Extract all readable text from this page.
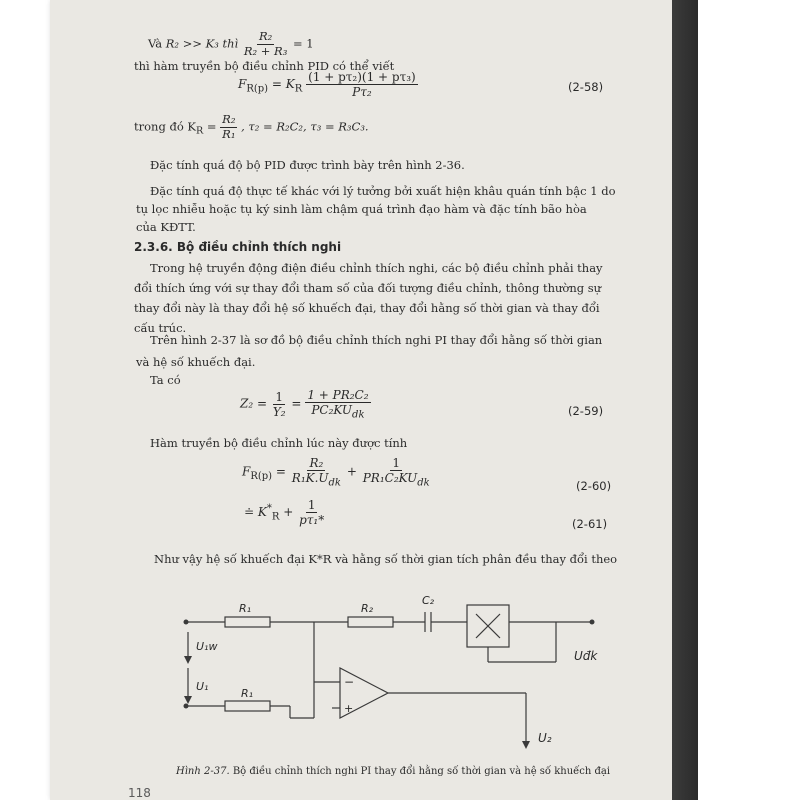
Và R₂ >> K₃ thì $\frac{\text{R₂}}{\text{R₂ + R₃}} = 1$
thì hàm truyền bộ điều chỉnh PID có thể viết
$F_{R(p)} = K_R \frac{\text{(1 + pτ₂)(1 + pτ₃)}}{\text{Pτ₂}}$	(2-58)
trong đó $K_R = \frac{\text{R₂}}{\text{R₁}}$ , τ₂ = R₂C₂, τ₃ = R₃C₃.
Đặc tính quá độ bộ PID được trình bày trên hình 2-36.
Đặc tính quá độ thực tế khác với lý tưởng bởi xuất hiện khâu quán tính bậc 1 do
tụ lọc nhiễu hoặc tụ ký sinh làm chậm quá trình đạo hàm và đặc tính bão hòa
của KĐTT.
2.3.6. Bộ điều chỉnh thích nghi
Trong hệ truyền động điện điều chỉnh thích nghi, các bộ điều chỉnh phải thay
đổi thích ứng với sự thay đổi tham số của đối tượng điều chỉnh, thông thường sự
thay đổi này là thay đổi hệ số khuếch đại, thay đổi hằng số thời gian và thay đổi
cấu trúc.
Trên hình 2-37 là sơ đồ bộ điều chỉnh thích nghi PI thay đổi hằng số thời gian
và hệ số khuếch đại.
Ta có
$Z_2 = \frac{1}{\text{Y₂}} = \frac{\text{1 + PR₂C₂}}{PC_2KU_{dk}}$	(2-59)
Hàm truyền bộ điều chỉnh lúc này được tính
$F_{R(p)} = \frac{\text{R₂}}{R_1K.U_{dk}} + \frac{1}{PR_1C_2KU_{dk}}$	(2-60)
≐ $K^*_R + \frac{1}{\text{pτ₁*}}$	(2-61)
Như vậy hệ số khuếch đại K*R và hằng số thời gian tích phân đều thay đổi theo
R₁	R₂
C₂
U₁w
U₁
R₁
−
+
Uđk
U₂
Hình 2-37. Bộ điều chỉnh thích nghi PI thay đổi hằng số thời gian và hệ số khuếch đại
118
